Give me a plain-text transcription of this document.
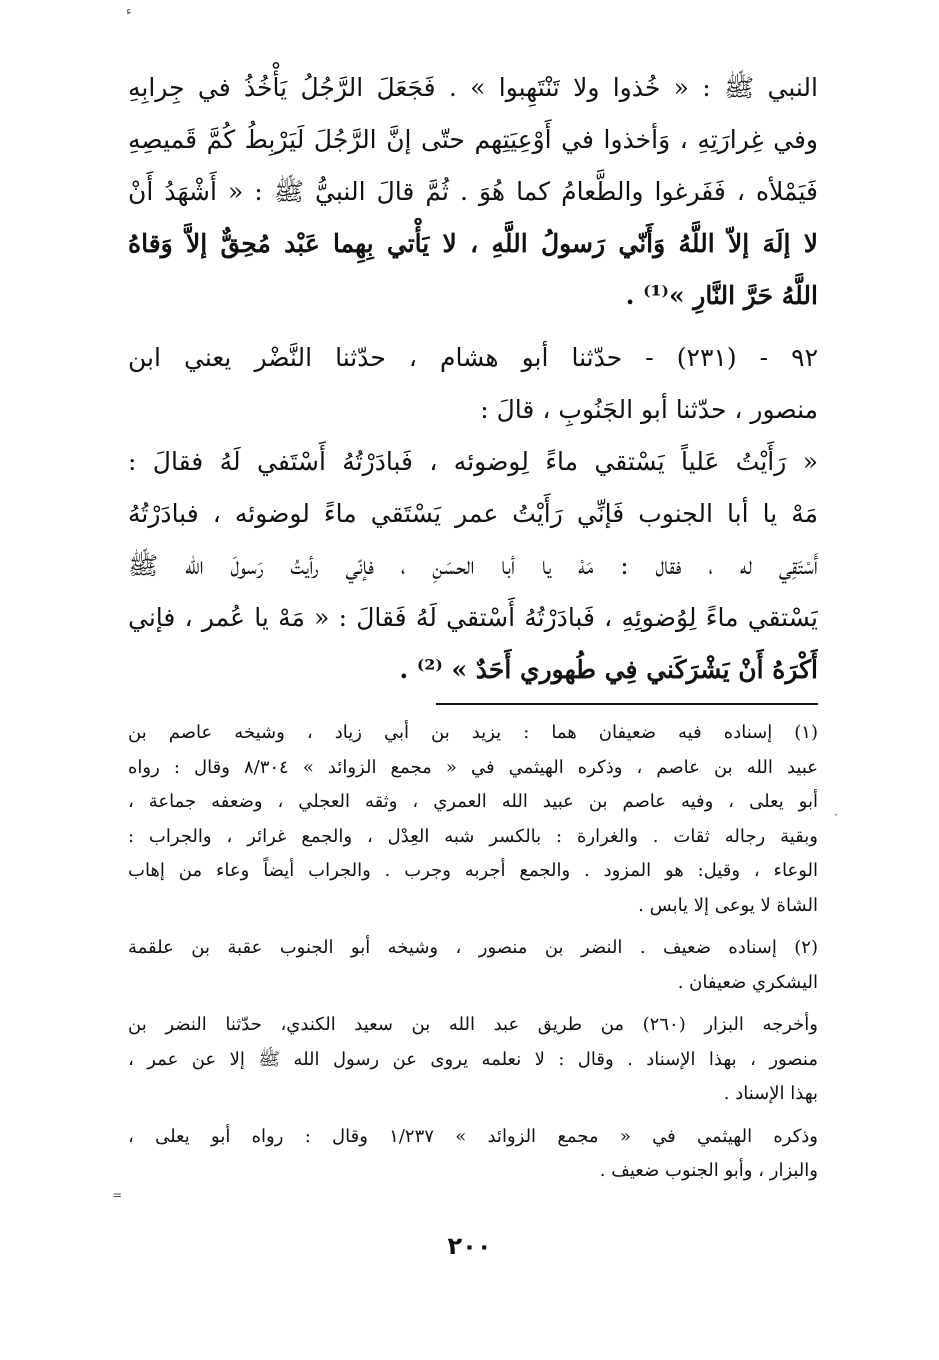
ء
·
=
النبي ﷺ : « خُذوا ولا تَنْتَهِبوا » . فَجَعَلَ الرَّجُلُ يَأْخُذُ في جِرابِهِ
وفي غِرارَتِهِ ، وَأخذوا في أَوْعِيَتِهم حتّى إنَّ الرَّجُلَ لَيَرْبِطُ كُمَّ قَميصِهِ
فَيَمْلأه ، فَفَرغوا والطَّعامُ كما هُوَ . ثُمَّ قالَ النبيُّ ﷺ : « أَشْهَدُ أَنْ
لا إلَهَ إلاّ اللَّهُ وَأَنّي رَسولُ اللَّهِ ، لا يَأْتي بِهِما عَبْد مُحِقٌّ إلاَّ وَقاهُ
اللَّهُ حَرَّ النَّارِ »⁽¹⁾ .
٩٢ - (٢٣١) - حدّثنا أبو هشام ، حدّثنا النَّضْر يعني ابن
منصور ، حدّثنا أبو الجَنُوبِ ، قالَ :
« رَأَيْتُ عَلياً يَسْتقي ماءً لِوضوئه ، فَبادَرْتُهُ أَسْتَفي لَهُ فقالَ :
مَهْ يا أبا الجنوب فَإنِّي رَأَيْتُ عمر يَسْتَقي ماءً لوضوئه ، فبادَرْتُهُ
أَسْتَقِي له ، فقال : مَهْ يا أبا الحسَنِ ، فإنّي رأيتُ رَسولَ الله ﷺ
يَسْتقي ماءً لِوُضوئِهِ ، فَبادَرْتُهُ أَسْتقي لَهُ فَقالَ : « مَهْ يا عُمر ، فإني
أَكْرَهُ أَنْ يَشْرَكَني فِي طُهوري أَحَدٌ » ⁽²⁾ .
(١) إسناده فيه ضعيفان هما : يزيد بن أبي زياد ، وشيخه عاصم بن
عبيد الله بن عاصم ، وذكره الهيثمي في « مجمع الزوائد » ٨/٣٠٤ وقال : رواه
أبو يعلى ، وفيه عاصم بن عبيد الله العمري ، وثقه العجلي ، وضعفه جماعة ،
وبقية رجاله ثقات . والغرارة : بالكسر شبه العِدْل ، والجمع غرائر ، والجراب :
الوعاء ، وقيل: هو المزود . والجمع أجربه وجرب . والجراب أيضاً وعاء من إهاب
الشاة لا يوعى إلا يابس .
(٢) إسناده ضعيف . النضر بن منصور ، وشيخه أبو الجنوب عقبة بن علقمة
اليشكري ضعيفان .
وأخرجه البزار (٢٦٠) من طريق عبد الله بن سعيد الكندي، حدّثنا النضر بن
منصور ، بهذا الإسناد . وقال : لا نعلمه يروى عن رسول الله ﷺ إلا عن عمر ،
بهذا الإسناد .
وذكره الهيثمي في « مجمع الزوائد » ١/٢٣٧ وقال : رواه أبو يعلى ،
والبزار ، وأبو الجنوب ضعيف .
٢٠٠
